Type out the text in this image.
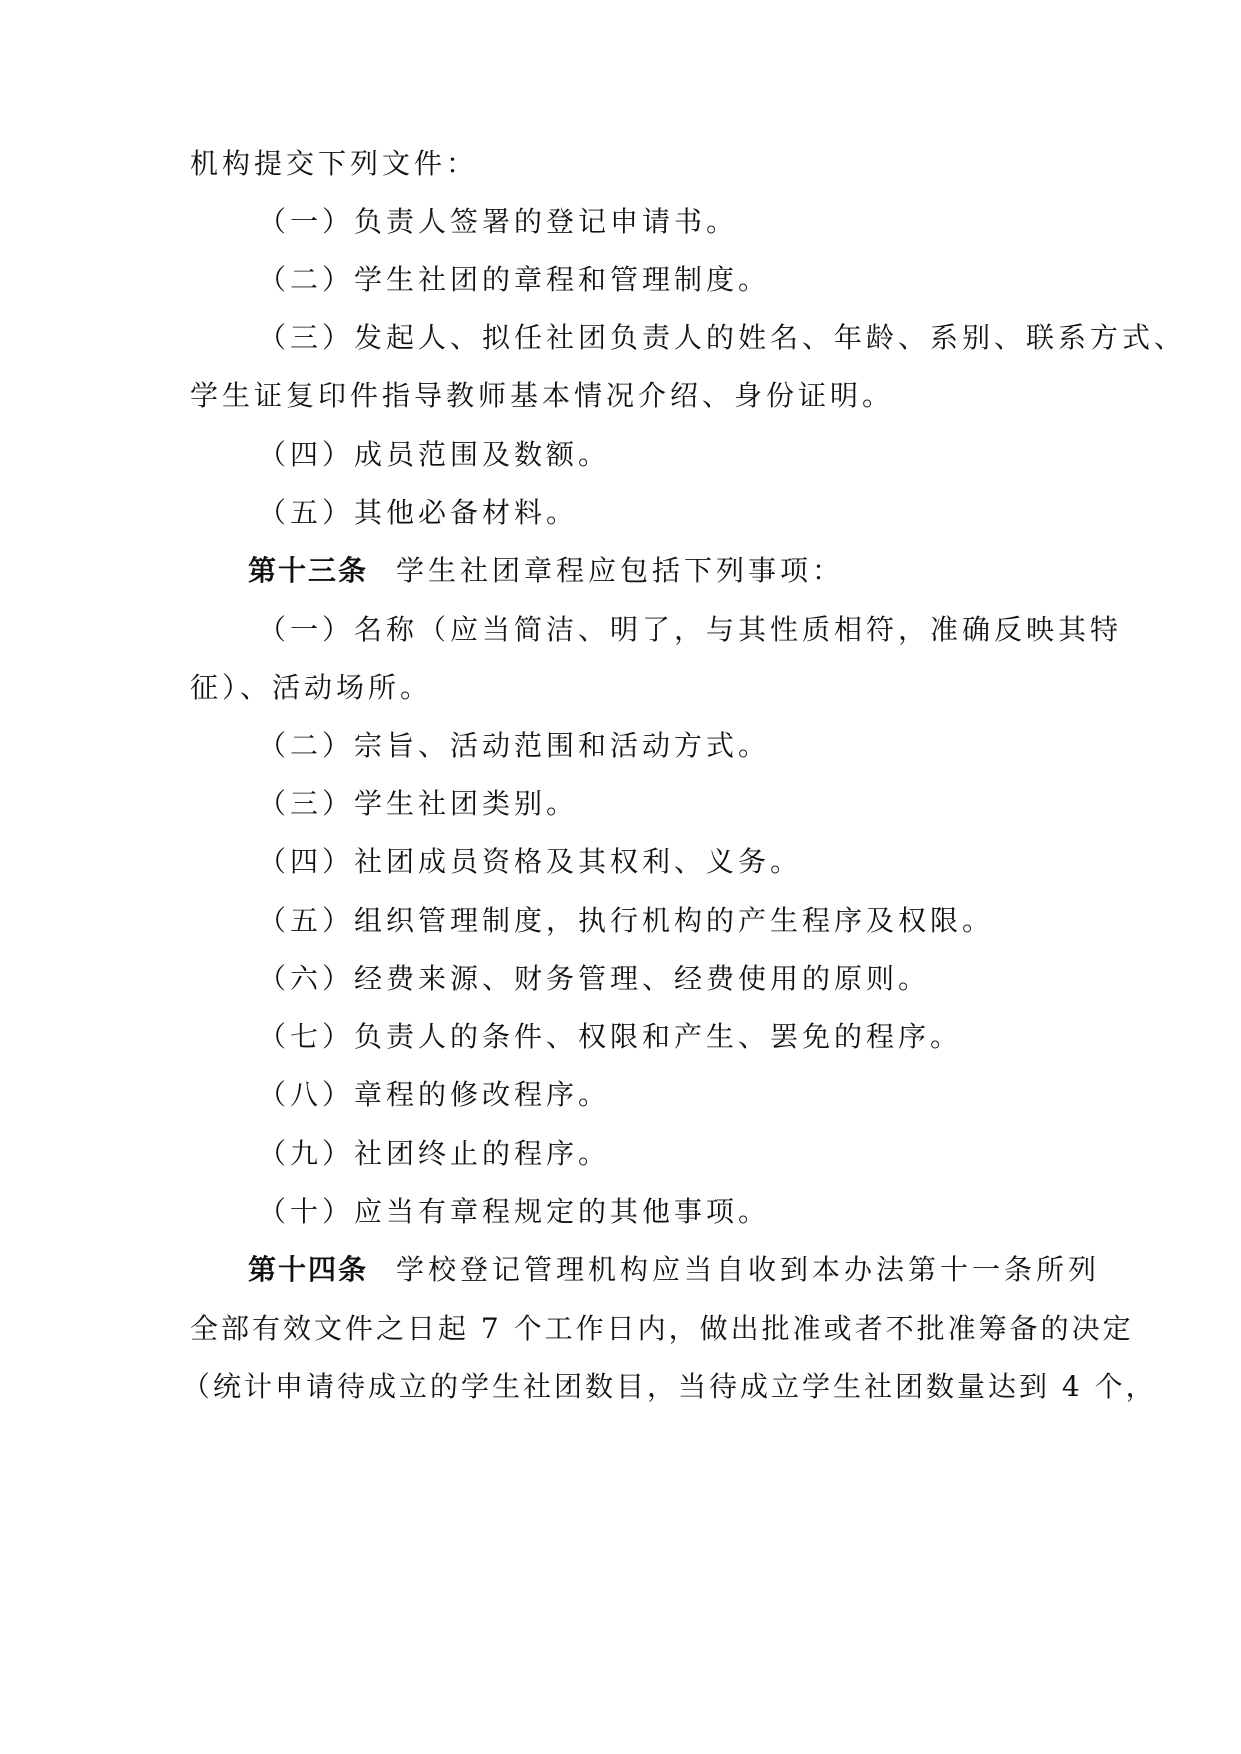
机构提交下列文件：
（一）负责人签署的登记申请书。
（二）学生社团的章程和管理制度。
（三）发起人、拟任社团负责人的姓名、年龄、系别、联系方式、
学生证复印件指导教师基本情况介绍、身份证明。
（四）成员范围及数额。
（五）其他必备材料。
第十三条 学生社团章程应包括下列事项：
（一）名称（应当简洁、明了，与其性质相符，准确反映其特
征）、活动场所。
（二）宗旨、活动范围和活动方式。
（三）学生社团类别。
（四）社团成员资格及其权利、义务。
（五）组织管理制度，执行机构的产生程序及权限。
（六）经费来源、财务管理、经费使用的原则。
（七）负责人的条件、权限和产生、罢免的程序。
（八）章程的修改程序。
（九）社团终止的程序。
（十）应当有章程规定的其他事项。
第十四条 学校登记管理机构应当自收到本办法第十一条所列
全部有效文件之日起 7 个工作日内，做出批准或者不批准筹备的决定
（统计申请待成立的学生社团数目，当待成立学生社团数量达到 4 个，
